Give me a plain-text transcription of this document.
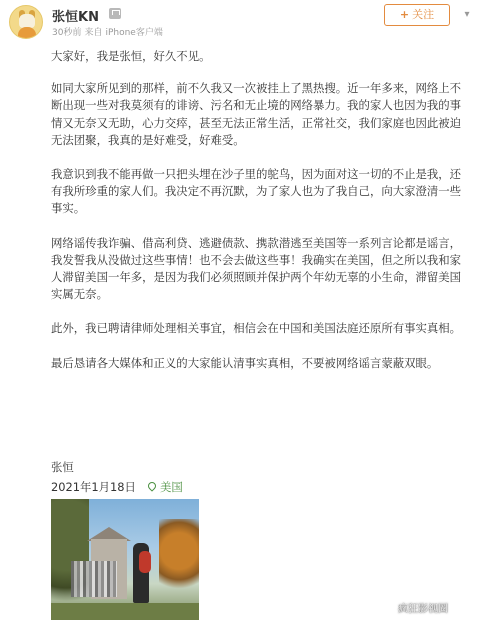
张恒KN
30秒前 来自 iPhone客户端
+ 关注	▾

大家好，我是张恒，好久不见。

如同大家所见到的那样，前不久我又一次被挂上了黑热搜。近一年多来，网络上不断出现一些对我莫须有的诽谤、污名和无止境的网络暴力。我的家人也因为我的事情又无奈又无助，心力交瘁，甚至无法正常生活，正常社交，我们家庭也因此被迫无法团聚，我真的是好难受，好难受。

我意识到我不能再做一只把头埋在沙子里的鸵鸟，因为面对这一切的不止是我，还有我所珍重的家人们。我决定不再沉默，为了家人也为了我自己，向大家澄清一些事实。

网络谣传我诈骗、借高利贷、逃避债款、携款潜逃至美国等一系列言论都是谣言，我发誓我从没做过这些事情！也不会去做这些事！我确实在美国，但之所以我和家人滞留美国一年多，是因为我们必须照顾并保护两个年幼无辜的小生命，滞留美国实属无奈。

此外，我已聘请律师处理相关事宜，相信会在中国和美国法庭还原所有事实真相。

最后恳请各大媒体和正义的大家能认清事实真相，不要被网络谣言蒙蔽双眼。

张恒
2021年1月18日	美国
疯狂影视圈
